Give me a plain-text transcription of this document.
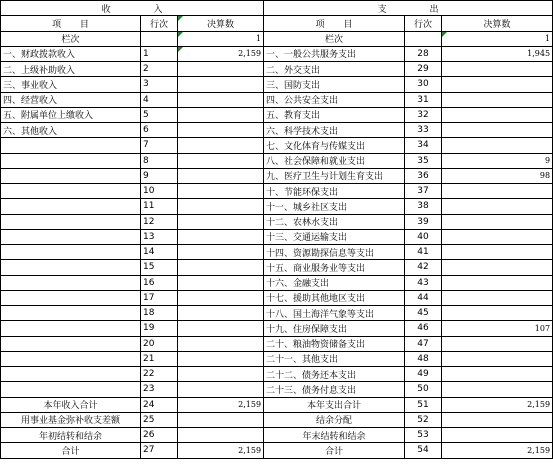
收 入			支 出		
项 目	行次	决算数	项 目	行次	决算数
栏次		1	栏次		1
一、财政拨款收入	1	2,159	一、一般公共服务支出	28	1,945
二、上级补助收入	2		二、外交支出	29	
三、事业收入	3		三、国防支出	30	
四、经营收入	4		四、公共安全支出	31	
五、附属单位上缴收入	5		五、教育支出	32	
六、其他收入	6		六、科学技术支出	33	
	7		七、文化体育与传媒支出	34	
	8		八、社会保障和就业支出	35	9
	9		九、医疗卫生与计划生育支出	36	98
	10		十、节能环保支出	37	
	11		十一、城乡社区支出	38	
	12		十二、农林水支出	39	
	13		十三、交通运输支出	40	
	14		十四、资源勘探信息等支出	41	
	15		十五、商业服务业等支出	42	
	16		十六、金融支出	43	
	17		十七、援助其他地区支出	44	
	18		十八、国土海洋气象等支出	45	
	19		十九、住房保障支出	46	107
	20		二十、粮油物资储备支出	47	
	21		二十一、其他支出	48	
	22		二十二、债务还本支出	49	
	23		二十三、债务付息支出	50	
本年收入合计	24	2,159	本年支出合计	51	2,159
用事业基金弥补收支差额	25		结余分配	52	
年初结转和结余	26		年末结转和结余	53	
合计	27	2,159	合计	54	2,159
